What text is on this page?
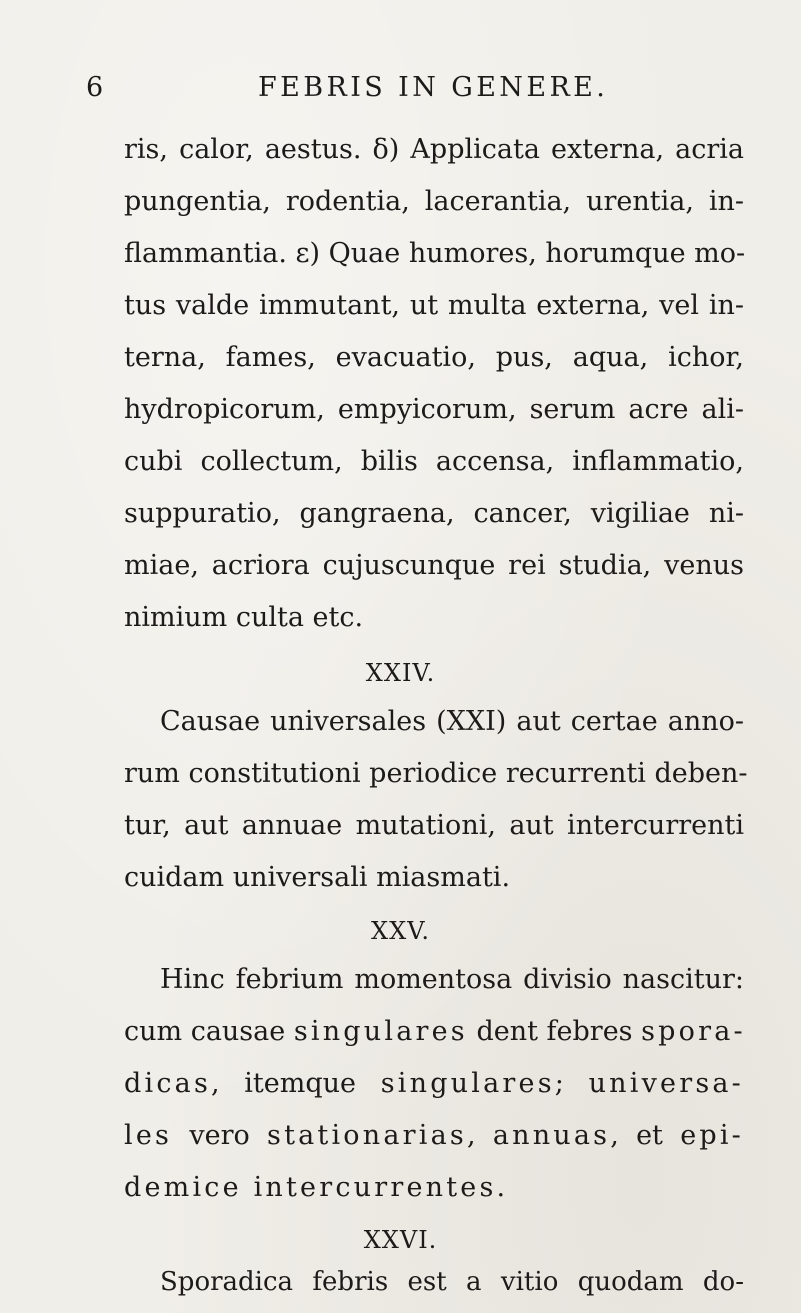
6	FEBRIS IN GENERE.
ris, calor, aestus. δ) Applicata externa, acria
pungentia, rodentia, lacerantia, urentia, in-
flammantia. ε) Quae humores, horumque mo-
tus valde immutant, ut multa externa, vel in-
terna, fames, evacuatio, pus, aqua, ichor,
hydropicorum, empyicorum, serum acre ali-
cubi collectum, bilis accensa, inflammatio,
suppuratio, gangraena, cancer, vigiliae ni-
miae, acriora cujuscunque rei studia, venus
nimium culta etc.
XXIV.
Causae universales (XXI) aut certae anno-
rum constitutioni periodice recurrenti deben-
tur, aut annuae mutationi, aut intercurrenti
cuidam universali miasmati.
XXV.
Hinc febrium momentosa divisio nascitur:
cum causae singulares dent febres spora-
dicas, itemque singulares; universa-
les vero stationarias, annuas, et epi-
demice intercurrentes.
XXVI.
Sporadica febris est a vitio quodam do-
